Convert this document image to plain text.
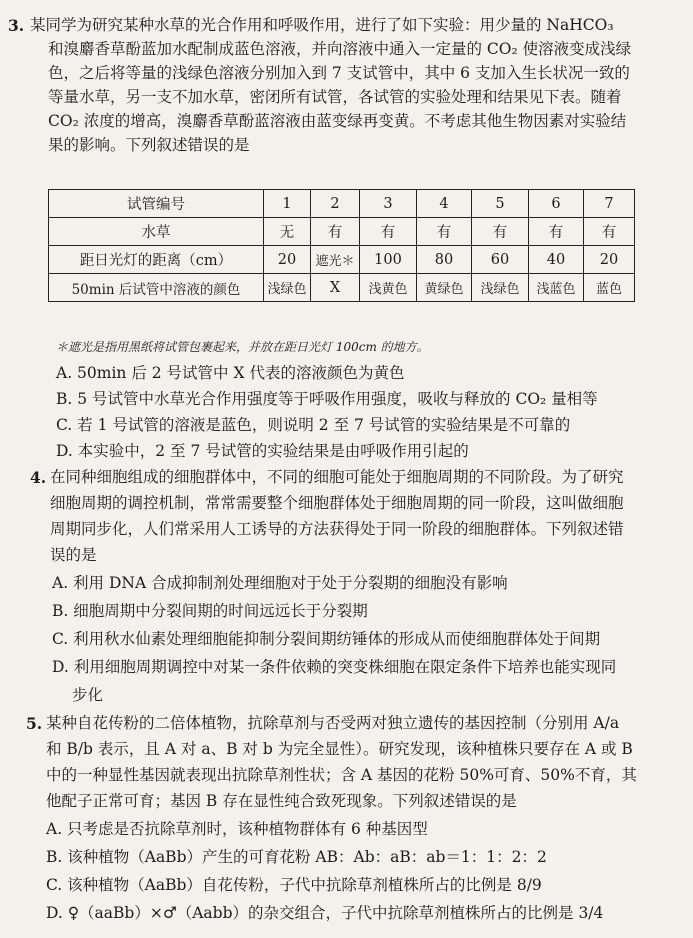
3. 某同学为研究某种水草的光合作用和呼吸作用，进行了如下实验：用少量的 NaHCO₃
和溴麝香草酚蓝加水配制成蓝色溶液，并向溶液中通入一定量的 CO₂ 使溶液变成浅绿
色，之后将等量的浅绿色溶液分别加入到 7 支试管中，其中 6 支加入生长状况一致的
等量水草，另一支不加水草，密闭所有试管，各试管的实验处理和结果见下表。随着
CO₂ 浓度的增高，溴麝香草酚蓝溶液由蓝变绿再变黄。不考虑其他生物因素对实验结
果的影响。下列叙述错误的是
试管编号	1	2	3	4	5	6	7
水草	无	有	有	有	有	有	有
距日光灯的距离（cm）	20	遮光＊	100	80	60	40	20
50min 后试管中溶液的颜色	浅绿色	X	浅黄色	黄绿色	浅绿色	浅蓝色	蓝色
＊遮光是指用黑纸将试管包裹起来，并放在距日光灯 100cm 的地方。
A. 50min 后 2 号试管中 X 代表的溶液颜色为黄色
B. 5 号试管中水草光合作用强度等于呼吸作用强度，吸收与释放的 CO₂ 量相等
C. 若 1 号试管的溶液是蓝色，则说明 2 至 7 号试管的实验结果是不可靠的
D. 本实验中，2 至 7 号试管的实验结果是由呼吸作用引起的
4. 在同种细胞组成的细胞群体中，不同的细胞可能处于细胞周期的不同阶段。为了研究
细胞周期的调控机制，常常需要整个细胞群体处于细胞周期的同一阶段，这叫做细胞
周期同步化，人们常采用人工诱导的方法获得处于同一阶段的细胞群体。下列叙述错
误的是
A. 利用 DNA 合成抑制剂处理细胞对于处于分裂期的细胞没有影响
B. 细胞周期中分裂间期的时间远远长于分裂期
C. 利用秋水仙素处理细胞能抑制分裂间期纺锤体的形成从而使细胞群体处于间期
D. 利用细胞周期调控中对某一条件依赖的突变株细胞在限定条件下培养也能实现同
步化
5. 某种自花传粉的二倍体植物，抗除草剂与否受两对独立遗传的基因控制（分别用 A/a
和 B/b 表示，且 A 对 a、B 对 b 为完全显性）。研究发现，该种植株只要存在 A 或 B
中的一种显性基因就表现出抗除草剂性状；含 A 基因的花粉 50%可育、50%不育，其
他配子正常可育；基因 B 存在显性纯合致死现象。下列叙述错误的是
A. 只考虑是否抗除草剂时，该种植物群体有 6 种基因型
B. 该种植物（AaBb）产生的可育花粉 AB：Ab：aB：ab＝1：1：2：2
C. 该种植物（AaBb）自花传粉，子代中抗除草剂植株所占的比例是 8/9
D. ♀（aaBb）×♂（Aabb）的杂交组合，子代中抗除草剂植株所占的比例是 3/4
